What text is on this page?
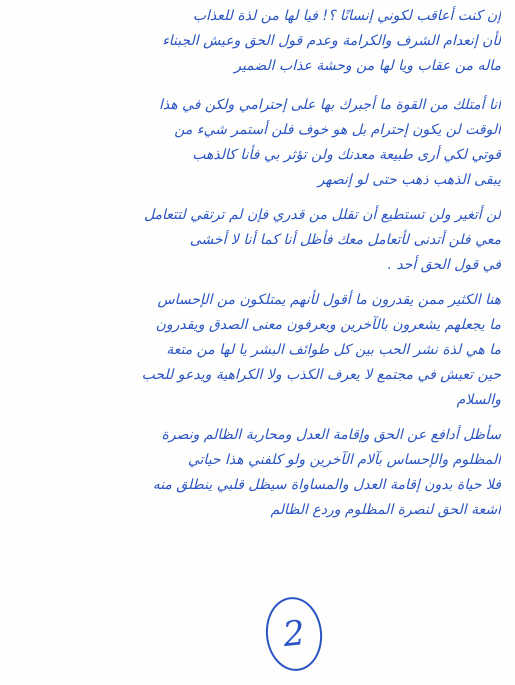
إن كنت أعاقب لكوني إنسانًا ؟! فيا لها من لذة للعذاب
لأن إنعدام الشرف والكرامة وعدم قول الحق وعيش الجبناء
ماله من عقاب ويا لها من وحشة عذاب الضمير
أنا أمتلك من القوة ما أجبرك بها على إحترامي ولكن في هذا
الوقت لن يكون إحترام بل هو خوف فلن أستمر شيء من
قوتي لكي أرى طبيعة معدنك ولن تؤثر بي فأنا كالذهب
يبقى الذهب ذهب حتى لو إنصهر
لن أتغير ولن تستطيع أن تقلل من قدري فإن لم ترتقي لتتعامل
معي فلن أتدنى لأتعامل معك فأظل أنا كما أنا لا أخشى
في قول الحق أحد .
هنا الكثير ممن يقدرون ما أقول لأنهم يمتلكون من الإحساس
ما يجعلهم يشعرون بالآخرين ويعرفون معنى الصدق ويقدرون
ما هي لذة نشر الحب بين كل طوائف البشر يا لها من متعة
حين تعيش في مجتمع لا يعرف الكذب ولا الكراهية ويدعو للحب
والسلام
سأظل أدافع عن الحق وإقامة العدل ومحاربة الظالم ونصرة
المظلوم والإحساس بآلام الآخرين ولو كلفني هذا حياتي
فلا حياة بدون إقامة العدل والمساواة سيظل قلبي ينطلق منه
أشعة الحق لنصرة المظلوم وردع الظالم
2
